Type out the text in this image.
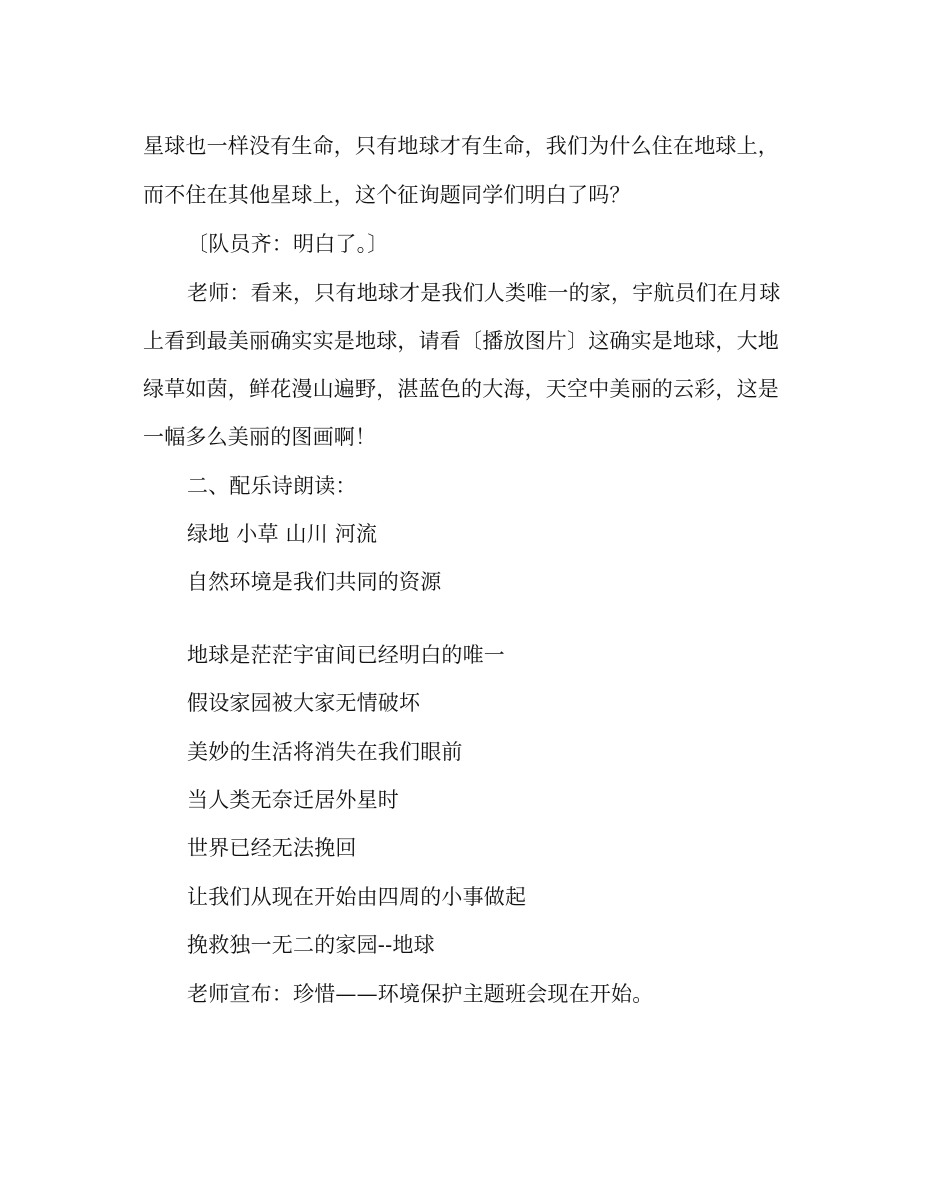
星球也一样没有生命，只有地球才有生命，我们为什么住在地球上，
而不住在其他星球上，这个征询题同学们明白了吗？
〔队员齐：明白了。〕
老师：看来，只有地球才是我们人类唯一的家，宇航员们在月球
上看到最美丽确实实是地球，请看〔播放图片〕这确实是地球，大地
绿草如茵，鲜花漫山遍野，湛蓝色的大海，天空中美丽的云彩，这是
一幅多么美丽的图画啊！
二、配乐诗朗读：
绿地 小草 山川 河流
自然环境是我们共同的资源
地球是茫茫宇宙间已经明白的唯一
假设家园被大家无情破坏
美妙的生活将消失在我们眼前
当人类无奈迁居外星时
世界已经无法挽回
让我们从现在开始由四周的小事做起
挽救独一无二的家园--地球
老师宣布：珍惜——环境保护主题班会现在开始。
